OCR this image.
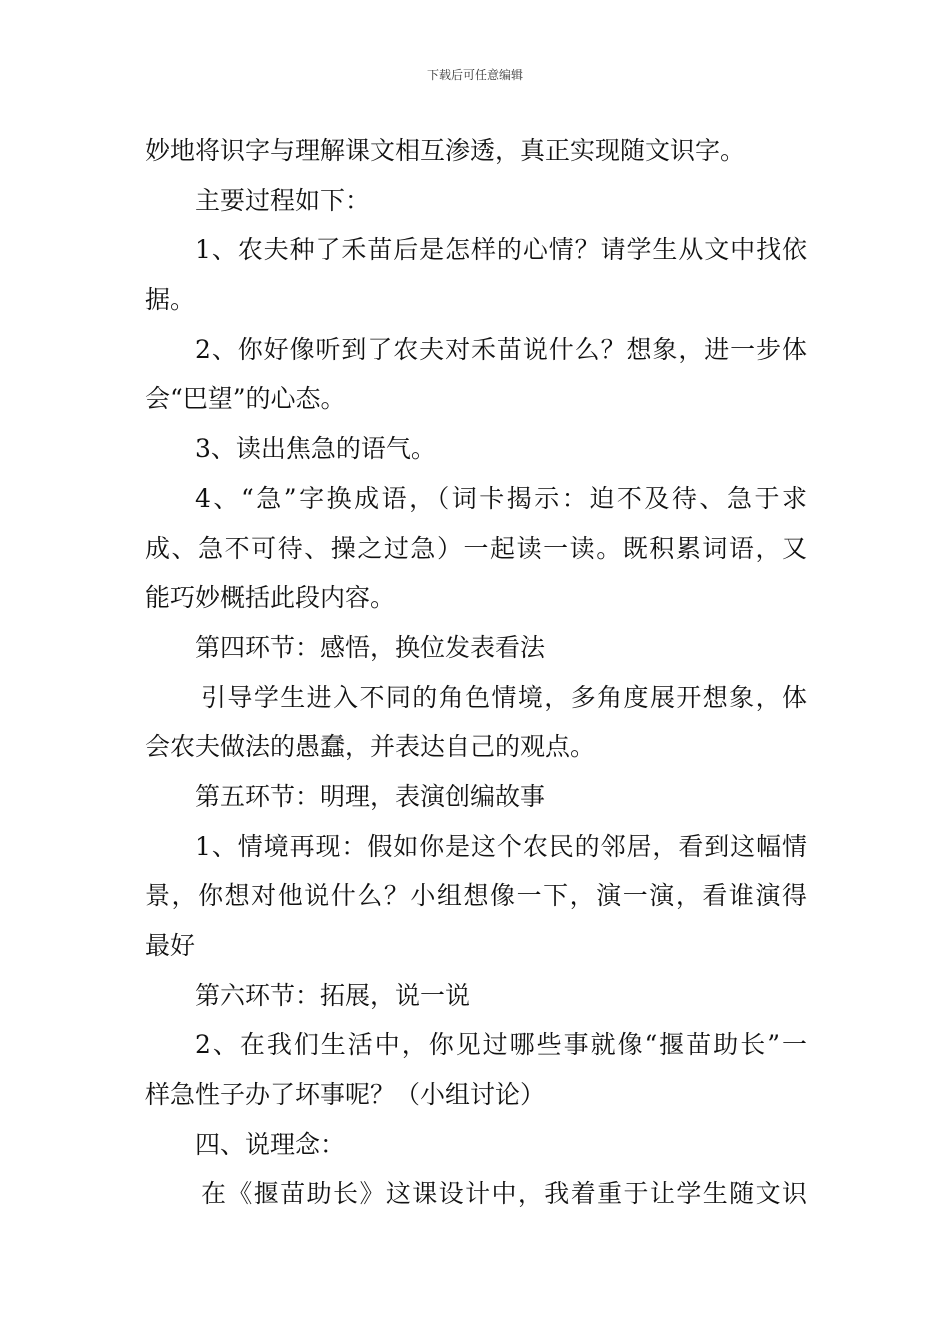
下载后可任意编辑
妙地将识字与理解课文相互渗透，真正实现随文识字。
主要过程如下：
1、农夫种了禾苗后是怎样的心情？请学生从文中找依
据。
2、你好像听到了农夫对禾苗说什么？想象，进一步体
会“巴望”的心态。
3、读出焦急的语气。
4、“急”字换成语，（词卡揭示：迫不及待、急于求
成、急不可待、操之过急）一起读一读。既积累词语，又
能巧妙概括此段内容。
第四环节：感悟，换位发表看法
引导学生进入不同的角色情境，多角度展开想象，体
会农夫做法的愚蠢，并表达自己的观点。
第五环节：明理，表演创编故事
1、情境再现：假如你是这个农民的邻居，看到这幅情
景，你想对他说什么？小组想像一下，演一演，看谁演得
最好
第六环节：拓展，说一说
2、在我们生活中，你见过哪些事就像“揠苗助长”一
样急性子办了坏事呢？（小组讨论）
四、说理念：
在《揠苗助长》这课设计中，我着重于让学生随文识
